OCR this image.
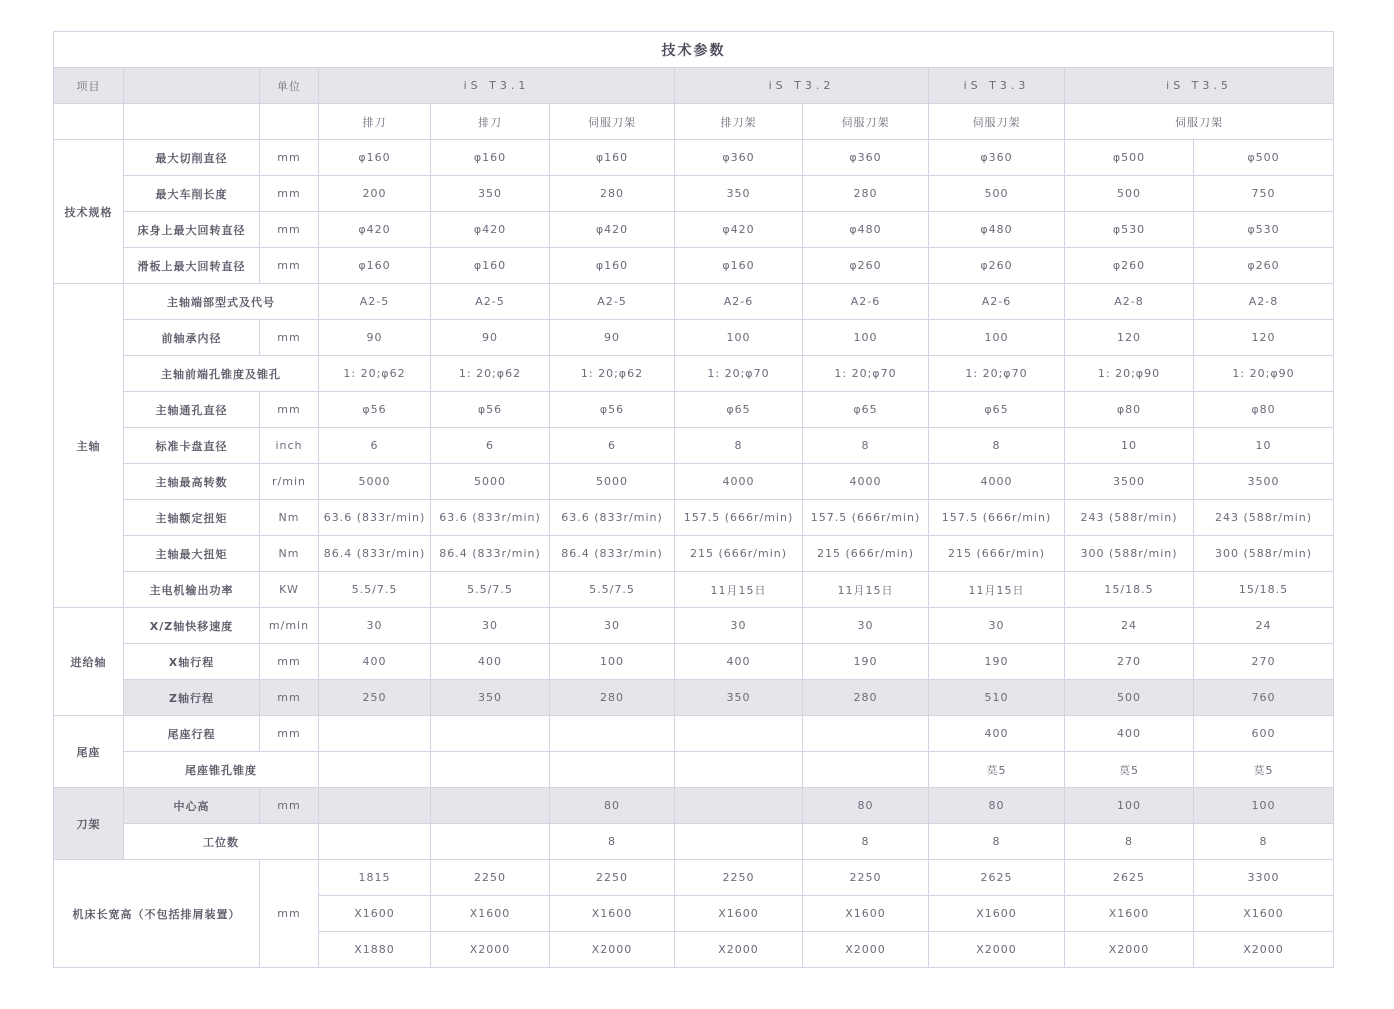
技术参数										
项目		单位	iS T3.1			iS T3.2		iS T3.3	iS T3.5	
			排刀	排刀	伺服刀架	排刀架	伺服刀架	伺服刀架	伺服刀架	
技术规格	最大切削直径	mm	φ160	φ160	φ160	φ360	φ360	φ360	φ500	φ500
	最大车削长度	mm	200	350	280	350	280	500	500	750
	床身上最大回转直径	mm	φ420	φ420	φ420	φ420	φ480	φ480	φ530	φ530
	滑板上最大回转直径	mm	φ160	φ160	φ160	φ160	φ260	φ260	φ260	φ260
主轴	主轴端部型式及代号		A2-5	A2-5	A2-5	A2-6	A2-6	A2-6	A2-8	A2-8
	前轴承内径	mm	90	90	90	100	100	100	120	120
	主轴前端孔锥度及锥孔		1: 20;φ62	1: 20;φ62	1: 20;φ62	1: 20;φ70	1: 20;φ70	1: 20;φ70	1: 20;φ90	1: 20;φ90
	主轴通孔直径	mm	φ56	φ56	φ56	φ65	φ65	φ65	φ80	φ80
	标准卡盘直径	inch	6	6	6	8	8	8	10	10
	主轴最高转数	r/min	5000	5000	5000	4000	4000	4000	3500	3500
	主轴额定扭矩	Nm	63.6 (833r/min)	63.6 (833r/min)	63.6 (833r/min)	157.5 (666r/min)	157.5 (666r/min)	157.5 (666r/min)	243 (588r/min)	243 (588r/min)
	主轴最大扭矩	Nm	86.4 (833r/min)	86.4 (833r/min)	86.4 (833r/min)	215 (666r/min)	215 (666r/min)	215 (666r/min)	300 (588r/min)	300 (588r/min)
	主电机输出功率	KW	5.5/7.5	5.5/7.5	5.5/7.5	11月15日	11月15日	11月15日	15/18.5	15/18.5
进给轴	X/Z轴快移速度	m/min	30	30	30	30	30	30	24	24
	X轴行程	mm	400	400	100	400	190	190	270	270
	Z轴行程	mm	250	350	280	350	280	510	500	760
尾座	尾座行程	mm						400	400	600
	尾座锥孔锥度							莫5	莫5	莫5
刀架	中心高	mm			80		80	80	100	100
	工位数				8		8	8	8	8
机床长宽高（不包括排屑装置）		mm	1815	2250	2250	2250	2250	2625	2625	3300
			X1600	X1600	X1600	X1600	X1600	X1600	X1600	X1600
			X1880	X2000	X2000	X2000	X2000	X2000	X2000	X2000
